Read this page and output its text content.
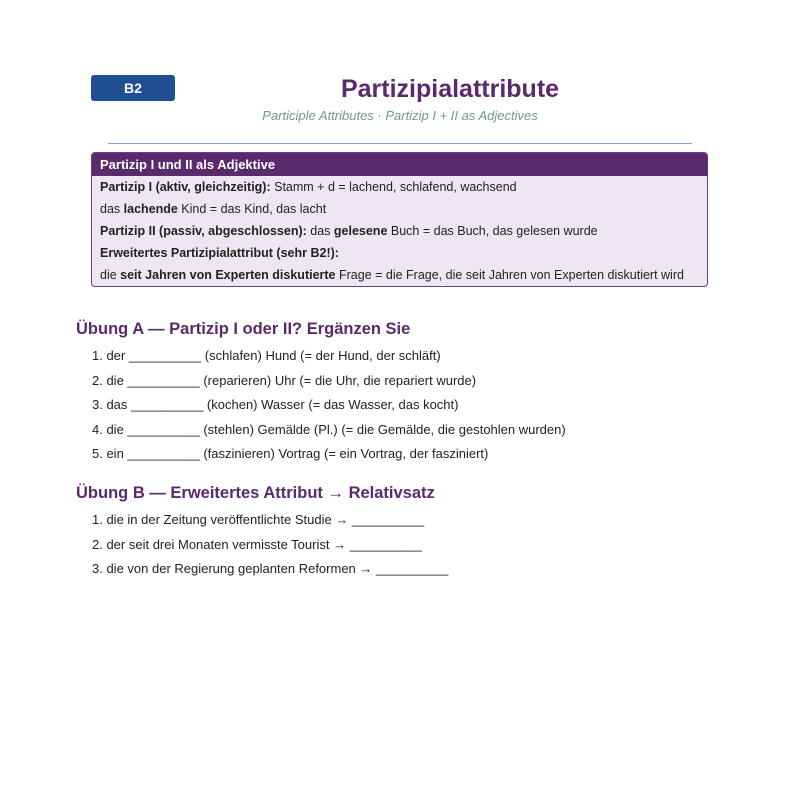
B2	Partizipialattribute
Participle Attributes · Partizip I + II as Adjectives
Partizip I und II als Adjektive
Partizip I (aktiv, gleichzeitig): Stamm + d = lachend, schlafend, wachsend
das lachende Kind = das Kind, das lacht
Partizip II (passiv, abgeschlossen): das gelesene Buch = das Buch, das gelesen wurde
Erweitertes Partizipialattribut (sehr B2!):
die seit Jahren von Experten diskutierte Frage = die Frage, die seit Jahren von Experten diskutiert wird
Übung A — Partizip I oder II? Ergänzen Sie
1. der __________ (schlafen) Hund (= der Hund, der schläft)
2. die __________ (reparieren) Uhr (= die Uhr, die repariert wurde)
3. das __________ (kochen) Wasser (= das Wasser, das kocht)
4. die __________ (stehlen) Gemälde (Pl.) (= die Gemälde, die gestohlen wurden)
5. ein __________ (faszinieren) Vortrag (= ein Vortrag, der fasziniert)
Übung B — Erweitertes Attribut → Relativsatz
1. die in der Zeitung veröffentlichte Studie → __________
2. der seit drei Monaten vermisste Tourist → __________
3. die von der Regierung geplanten Reformen → __________
